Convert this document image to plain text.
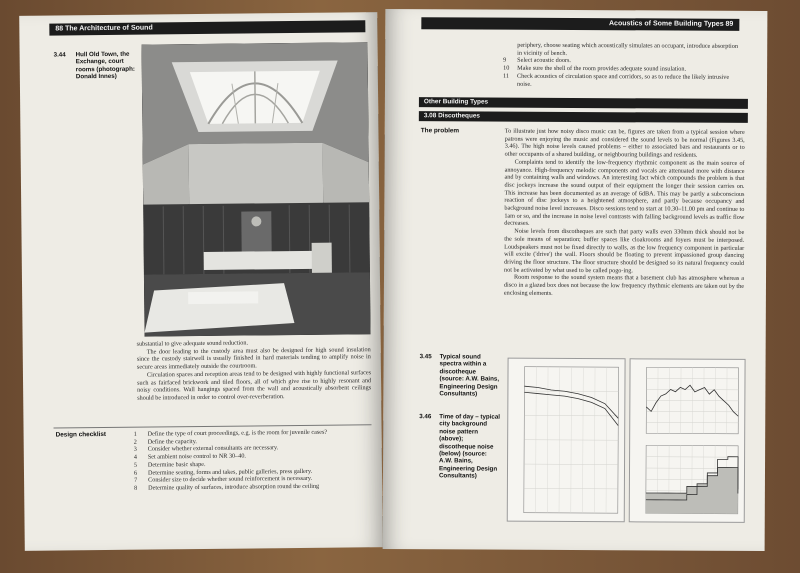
88 The Architecture of Sound
3.44 Hull Old Town, the Exchange, court rooms (photograph: Donald Innes)

substantial to give adequate sound reduction.

The door leading to the custody area must also be designed for high sound insulation since the custody stairwell is usually finished in hard materials tending to amplify noise in secure areas immediately outside the courtroom.

Circulation spaces and reception areas tend to be designed with highly functional surfaces such as fairfaced brickwork and tiled floors, all of which give rise to highly resonant and noisy conditions. Wall hangings spaced from the wall and acoustically absorbent ceilings should be introduced in order to control over-reverberation.

Design checklist	1	Define the type of court proceedings, e.g. is the room for juvenile cases?
2	Define the capacity.
3	Consider whether external consultants are necessary.
4	Set ambient noise control to NR 30–40.
5	Determine basic shape.
6	Determine seating, forms and takes, public galleries, press gallery.
7	Consider size to decide whether sound reinforcement is necessary.
8	Determine quality of surfaces, introduce absorption round the ceiling
Acoustics of Some Building Types 89
periphery, choose seating which acoustically simulates an occupant, introduce absorption in vicinity of bench.
9	Select acoustic doors.
10	Make sure the shell of the room provides adequate sound insulation.
11	Check acoustics of circulation space and corridors, so as to reduce the likely intrusive noise.
Other Building Types
3.08 Discotheques
The problem	To illustrate just how noisy disco music can be, figures are taken from a typical session where patrons were enjoying the music and considered the sound levels to be normal (Figures 3.45, 3.46). The high noise levels caused problems – either to associated bars and restaurants or to other occupants of a shared building, or neighbouring buildings and residents.

Complaints tend to identify the low-frequency rhythmic component as the main source of annoyance. High-frequency melodic components and vocals are attenuated more with distance and by containing walls and windows. An interesting fact which compounds the problem is that disc jockeys increase the sound output of their equipment the longer their session carries on. This increase has been documented as an average of 6dBA. This may be partly a subconscious reaction of disc jockeys to a heightened atmosphere, and partly because occupancy and background noise level increases. Disco sessions tend to start at 10.30–11.00 pm and continue to 1am or so, and the increase in noise level contrasts with falling background levels as traffic flow decreases.

Noise levels from discotheques are such that party walls even 330mm thick should not be the sole means of separation; buffer spaces like cloakrooms and foyers must be interposed. Loudspeakers must not be fixed directly to walls, as the low frequency component in particular will excite ('drive') the wall. Floors should be floating to prevent impassioned group dancing driving the floor structure. The floor structure should be designed so its natural frequency could not be activated by what used to be called pogo-ing.

Room response to the sound system means that a basement club has atmosphere whereas a disco in a glazed box does not because the low frequency rhythmic elements are taken out by the enclosing elements.

3.45 Typical sound spectra within a discotheque (source: A.W. Bains, Engineering Design Consultants)
3.46 Time of day – typical city background noise pattern (above); discotheque noise (below) (source: A.W. Bains, Engineering Design Consultants)
